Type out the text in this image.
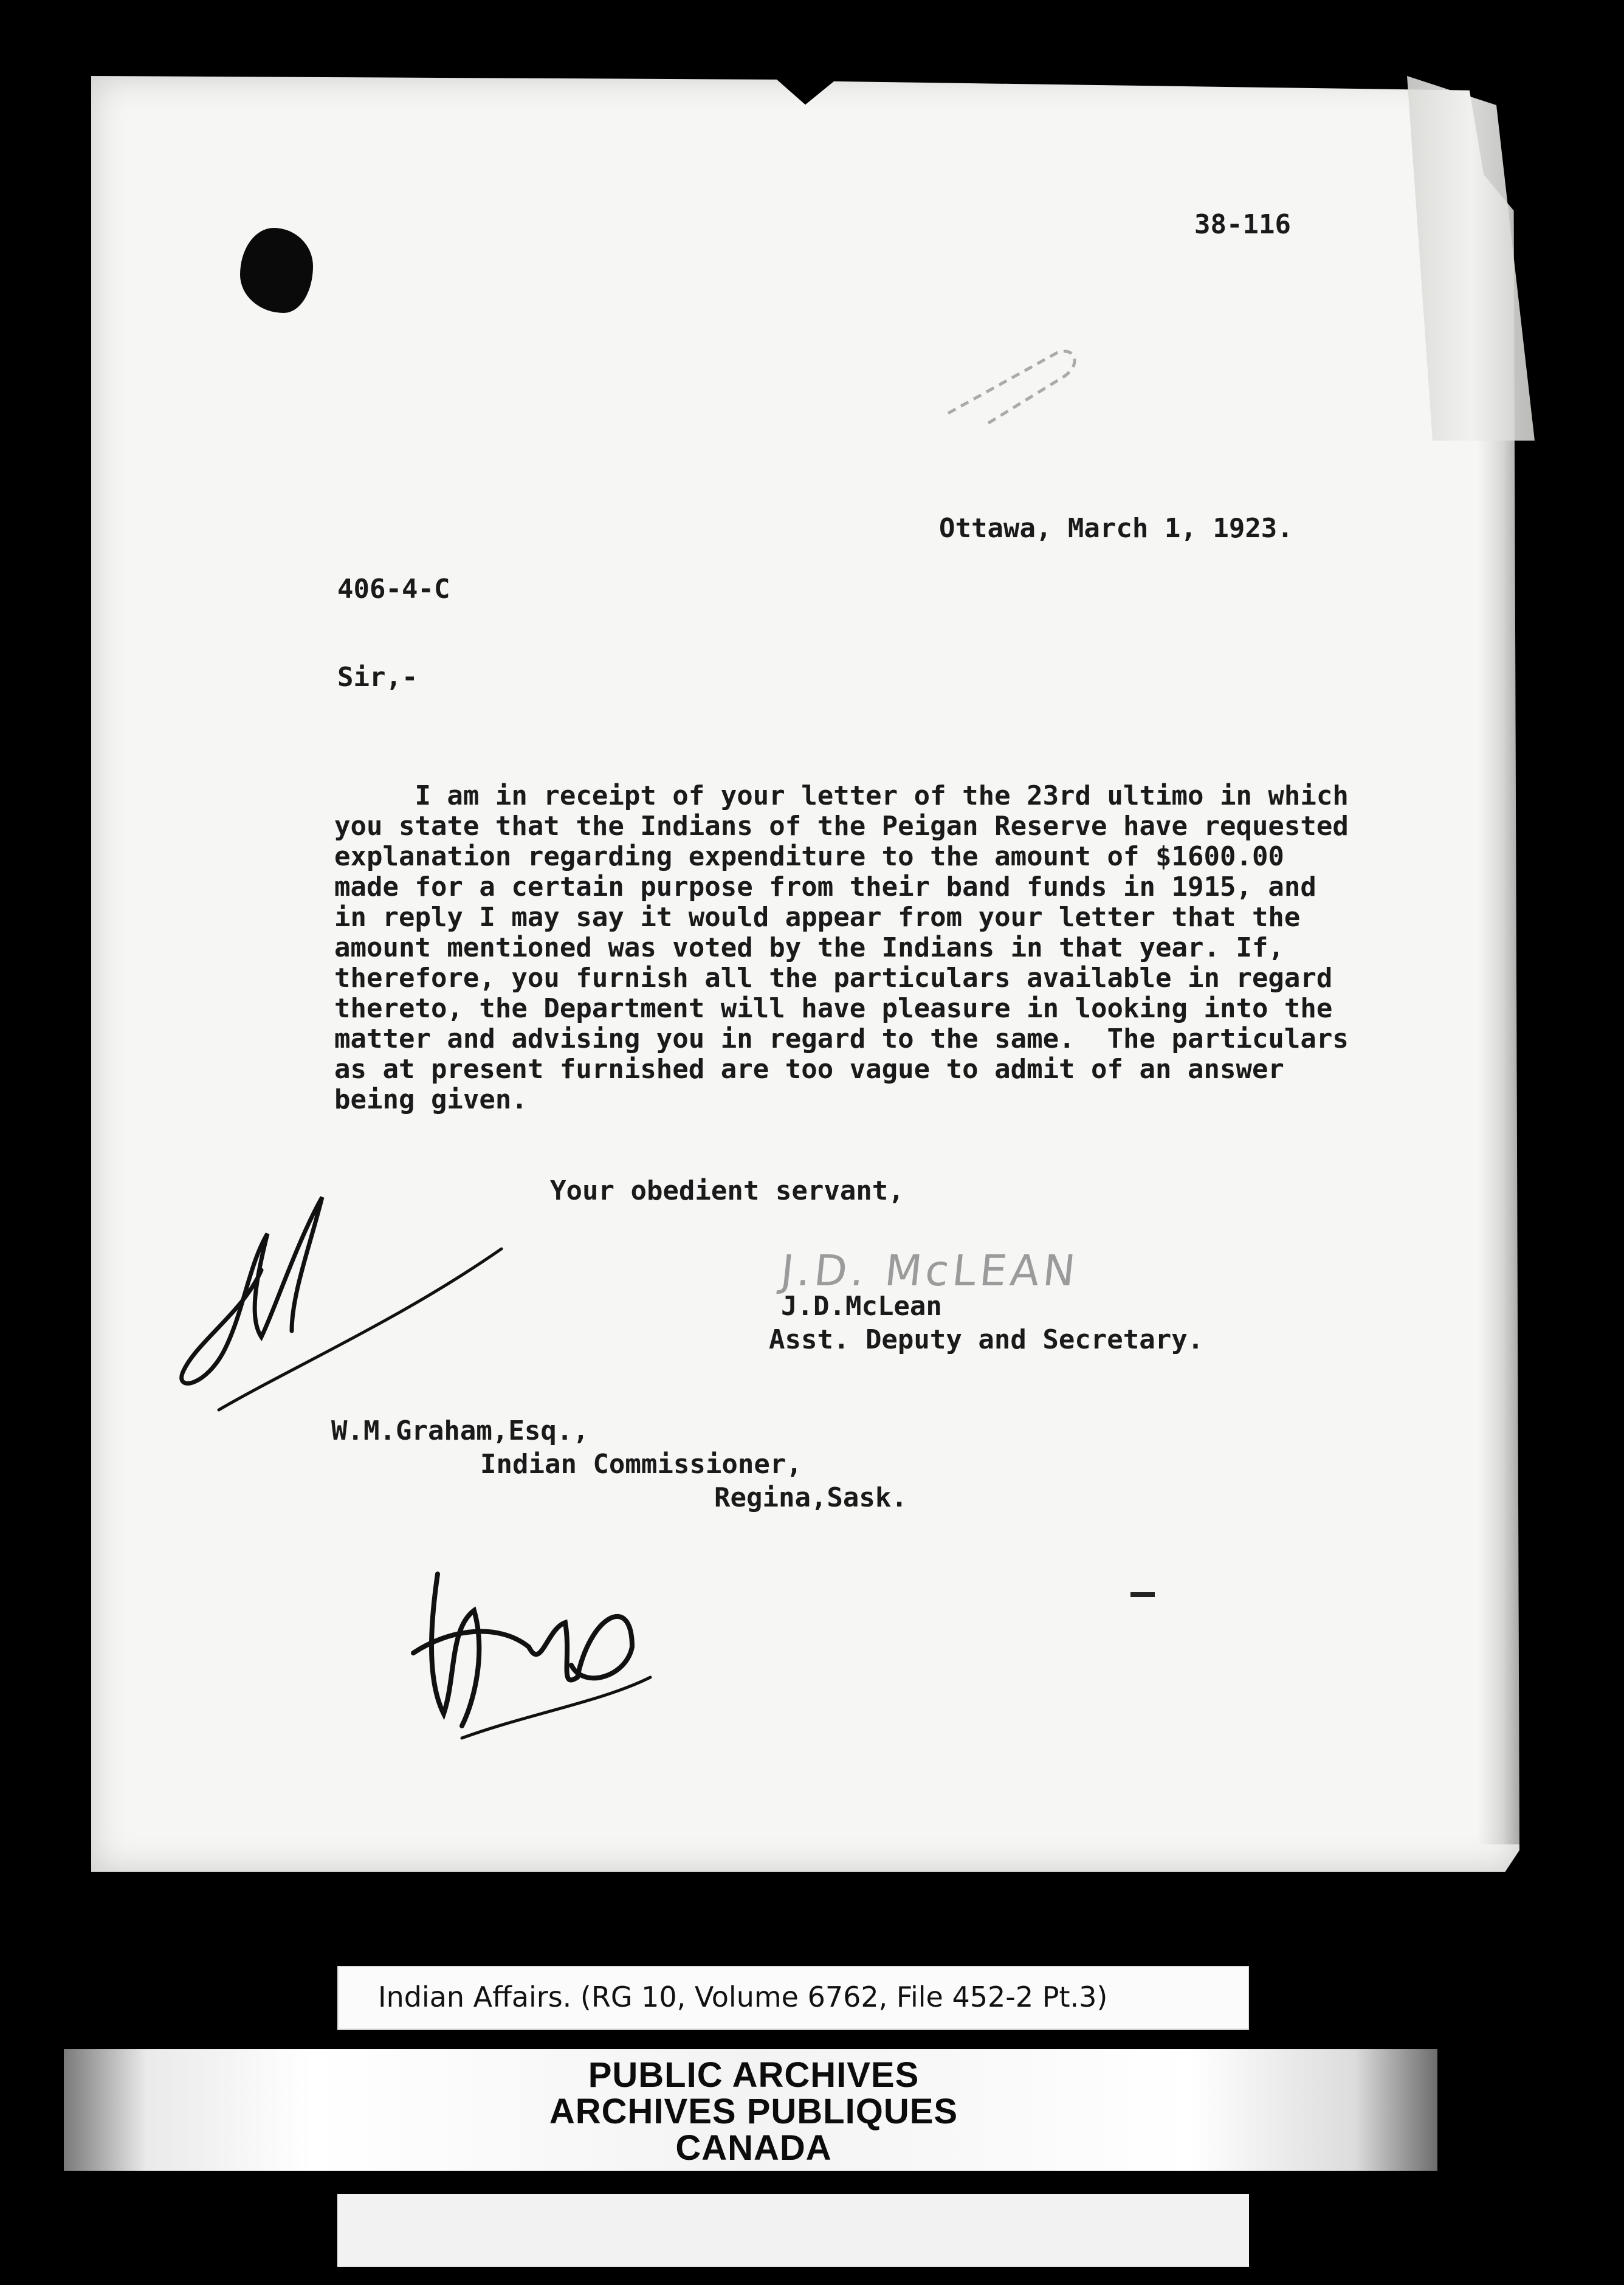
38-116
Ottawa, March 1, 1923.
406-4-C
Sir,-
I am in receipt of your letter of the 23rd ultimo in which
you state that the Indians of the Peigan Reserve have requested
explanation regarding expenditure to the amount of $1600.00
made for a certain purpose from their band funds in 1915, and
in reply I may say it would appear from your letter that the
amount mentioned was voted by the Indians in that year. If,
therefore, you furnish all the particulars available in regard
thereto, the Department will have pleasure in looking into the
matter and advising you in regard to the same.  The particulars
as at present furnished are too vague to admit of an answer
being given.
Your obedient servant,
J.D. McLEAN
J.D.McLean
Asst. Deputy and Secretary.
W.M.Graham,Esq.,
Indian Commissioner,
Regina,Sask.
Indian Affairs. (RG 10, Volume 6762, File 452-2 Pt.3)
PUBLIC ARCHIVES
ARCHIVES PUBLIQUES
CANADA
